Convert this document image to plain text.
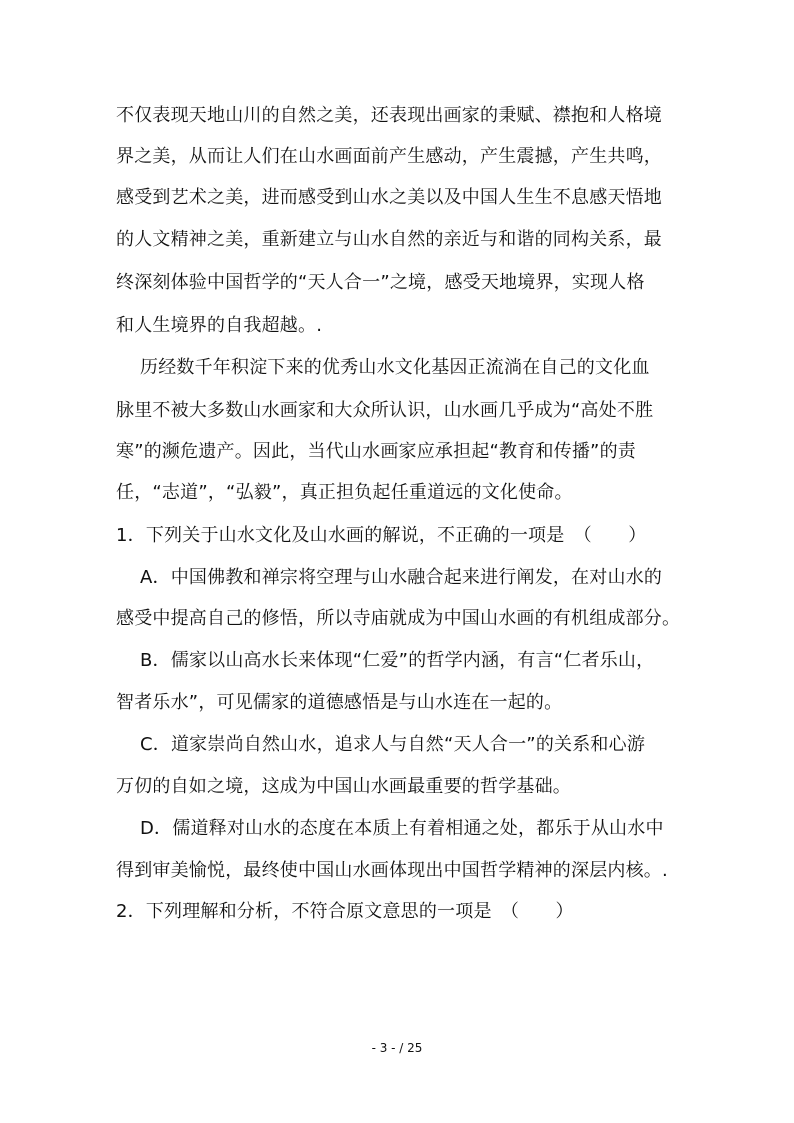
不仅表现天地山川的自然之美，还表现出画家的秉赋、襟抱和人格境
界之美，从而让人们在山水画面前产生感动，产生震撼，产生共鸣，
感受到艺术之美，进而感受到山水之美以及中国人生生不息感天悟地
的人文精神之美，重新建立与山水自然的亲近与和谐的同构关系，最
终深刻体验中国哲学的“天人合一”之境，感受天地境界，实现人格
和人生境界的自我超越。.
历经数千年积淀下来的优秀山水文化基因正流淌在自己的文化血
脉里不被大多数山水画家和大众所认识，山水画几乎成为“高处不胜
寒”的濒危遗产。因此，当代山水画家应承担起“教育和传播”的责
任，“志道”，“弘毅”，真正担负起任重道远的文化使命。
1．下列关于山水文化及山水画的解说，不正确的一项是　（　　）
A．中国佛教和禅宗将空理与山水融合起来进行阐发，在对山水的
感受中提高自己的修悟，所以寺庙就成为中国山水画的有机组成部分。
B．儒家以山高水长来体现“仁爱”的哲学内涵，有言“仁者乐山，
智者乐水”，可见儒家的道德感悟是与山水连在一起的。
C．道家崇尚自然山水，追求人与自然“天人合一”的关系和心游
万仞的自如之境，这成为中国山水画最重要的哲学基础。
D．儒道释对山水的态度在本质上有着相通之处，都乐于从山水中
得到审美愉悦，最终使中国山水画体现出中国哲学精神的深层内核。.
2．下列理解和分析，不符合原文意思的一项是　（　　）
- 3 - / 25
